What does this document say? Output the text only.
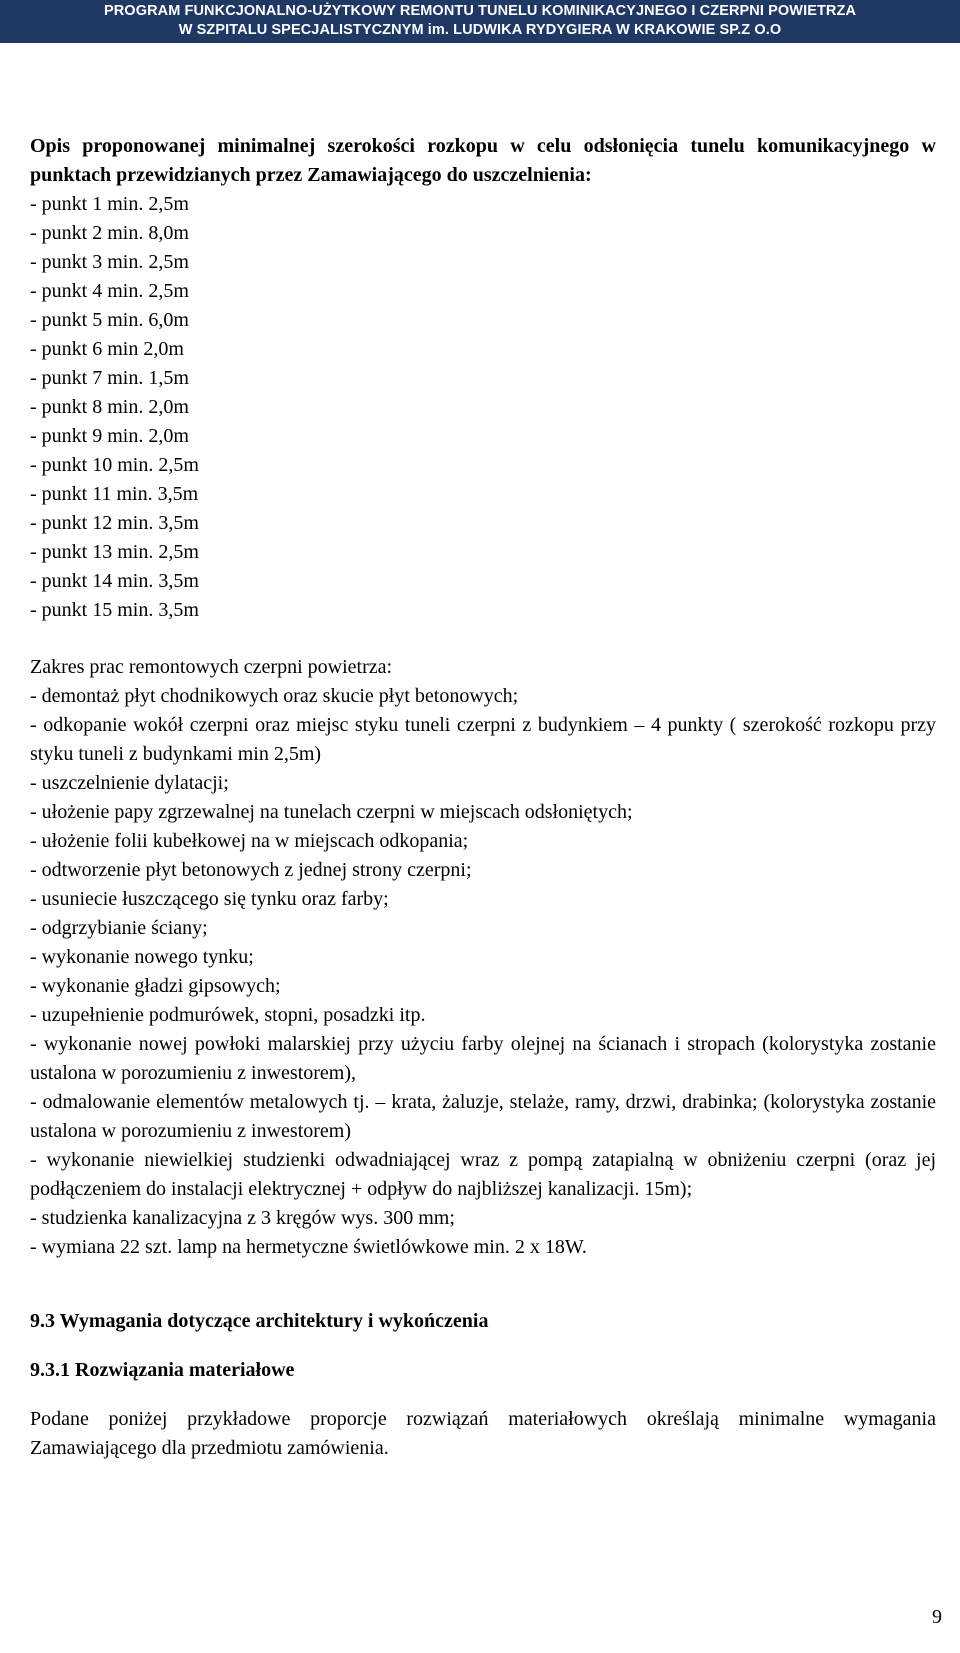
PROGRAM FUNKCJONALNO-UŻYTKOWY REMONTU TUNELU KOMINIKACYJNEGO I CZERPNI POWIETRZA
W SZPITALU SPECJALISTYCZNYM im. LUDWIKA RYDYGIERA W KRAKOWIE SP.Z O.O

Opis proponowanej minimalnej szerokości rozkopu w celu odsłonięcia tunelu komunikacyjnego w punktach przewidzianych przez Zamawiającego do uszczelnienia:

- punkt 1 min. 2,5m
- punkt 2 min. 8,0m
- punkt 3 min. 2,5m
- punkt 4 min. 2,5m
- punkt 5 min. 6,0m
- punkt 6 min 2,0m
- punkt 7 min. 1,5m
- punkt 8 min. 2,0m
- punkt 9 min. 2,0m
- punkt 10 min. 2,5m
- punkt 11 min. 3,5m
- punkt 12 min. 3,5m
- punkt 13 min. 2,5m
- punkt 14 min. 3,5m
- punkt 15 min. 3,5m

Zakres prac remontowych czerpni powietrza:

- demontaż płyt chodnikowych oraz skucie płyt betonowych;
- odkopanie wokół czerpni oraz miejsc styku tuneli czerpni z budynkiem – 4 punkty ( szerokość rozkopu przy styku tuneli z budynkami min 2,5m)
- uszczelnienie dylatacji;
- ułożenie papy zgrzewalnej na tunelach czerpni w miejscach odsłoniętych;
- ułożenie folii kubełkowej na w miejscach odkopania;
- odtworzenie płyt betonowych z jednej strony czerpni;
- usuniecie łuszczącego się tynku oraz farby;
- odgrzybianie ściany;
- wykonanie nowego tynku;
- wykonanie gładzi gipsowych;
- uzupełnienie podmurówek, stopni, posadzki itp.
- wykonanie nowej powłoki malarskiej przy użyciu farby olejnej na ścianach i stropach (kolorystyka zostanie ustalona w porozumieniu z inwestorem),
- odmalowanie elementów metalowych tj. – krata, żaluzje, stelaże, ramy, drzwi, drabinka; (kolorystyka zostanie ustalona w porozumieniu z inwestorem)
- wykonanie niewielkiej studzienki odwadniającej wraz z pompą zatapialną w obniżeniu czerpni (oraz jej podłączeniem do instalacji elektrycznej + odpływ do najbliższej kanalizacji. 15m);
- studzienka kanalizacyjna z 3 kręgów wys. 300 mm;
- wymiana 22 szt. lamp na hermetyczne świetlówkowe min. 2 x 18W.
9.3 Wymagania dotyczące architektury i wykończenia
9.3.1 Rozwiązania materiałowe

Podane poniżej przykładowe proporcje rozwiązań materiałowych określają minimalne wymagania Zamawiającego dla przedmiotu zamówienia.

9
